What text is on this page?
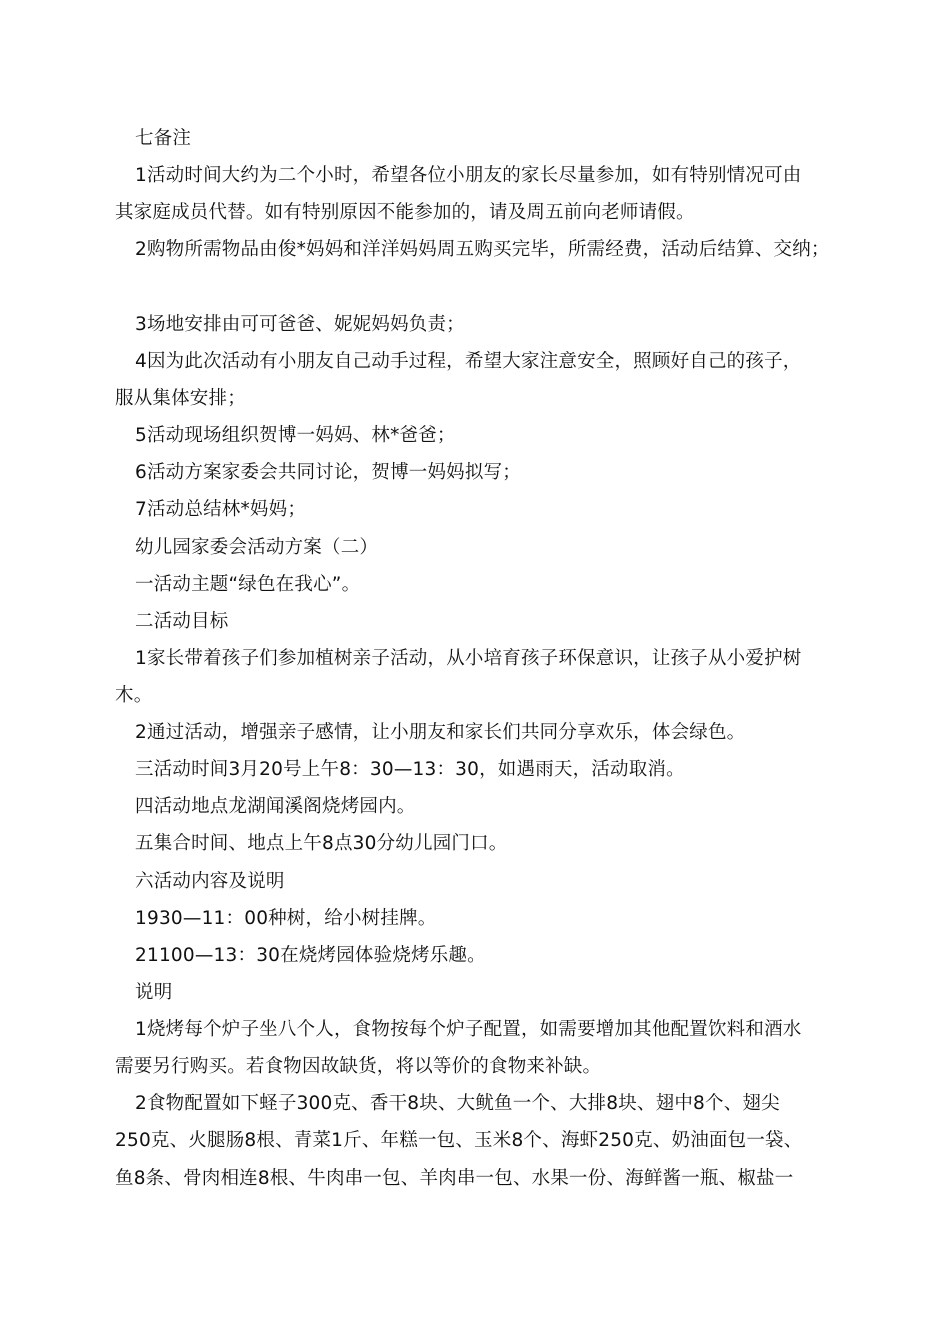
七备注

1活动时间大约为二个小时，希望各位小朋友的家长尽量参加，如有特别情况可由

其家庭成员代替。如有特别原因不能参加的，请及周五前向老师请假。

2购物所需物品由俊*妈妈和洋洋妈妈周五购买完毕，所需经费，活动后结算、交纳；

3场地安排由可可爸爸、妮妮妈妈负责；

4因为此次活动有小朋友自己动手过程，希望大家注意安全，照顾好自己的孩子，

服从集体安排；

5活动现场组织贺博一妈妈、林*爸爸；

6活动方案家委会共同讨论，贺博一妈妈拟写；

7活动总结林*妈妈；

幼儿园家委会活动方案（二）

一活动主题“绿色在我心”。

二活动目标

1家长带着孩子们参加植树亲子活动，从小培育孩子环保意识，让孩子从小爱护树

木。

2通过活动，增强亲子感情，让小朋友和家长们共同分享欢乐，体会绿色。

三活动时间3月20号上午8：30—13：30，如遇雨天，活动取消。

四活动地点龙湖闻溪阁烧烤园内。

五集合时间、地点上午8点30分幼儿园门口。

六活动内容及说明

1930—11：00种树，给小树挂牌。

21100—13：30在烧烤园体验烧烤乐趣。

说明

1烧烤每个炉子坐八个人，食物按每个炉子配置，如需要增加其他配置饮料和酒水

需要另行购买。若食物因故缺货，将以等价的食物来补缺。

2食物配置如下蛏子300克、香干8块、大鱿鱼一个、大排8块、翅中8个、翅尖

250克、火腿肠8根、青菜1斤、年糕一包、玉米8个、海虾250克、奶油面包一袋、

鱼8条、骨肉相连8根、牛肉串一包、羊肉串一包、水果一份、海鲜酱一瓶、椒盐一
